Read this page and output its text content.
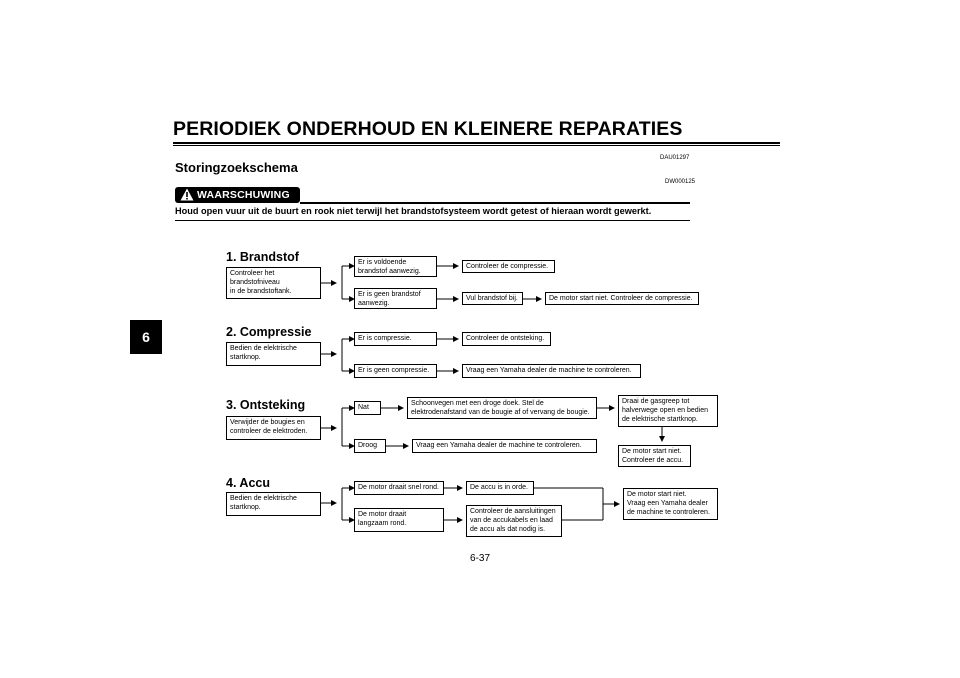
PERIODIEK ONDERHOUD EN KLEINERE REPARATIES
6
DAU01297
Storingzoekschema
DW000125
WAARSCHUWING
Houd open vuur uit de buurt en rook niet terwijl het brandstofsysteem wordt getest of hieraan wordt gewerkt.
1. Brandstof
Controleer het
brandstofniveau
in de brandstoftank.
Er is voldoende
brandstof aanwezig.
Er is geen brandstof
aanwezig.
Controleer de compressie.
Vul brandstof bij.	De motor start niet. Controleer de compressie.
2. Compressie
Bedien de elektrische
startknop.
Er is compressie.
Er is geen compressie.
Controleer de ontsteking.
Vraag een Yamaha dealer de machine te controleren.
3. Ontsteking
Verwijder de bougies en
controleer de elektroden.
Nat
Droog
Schoonvegen met een droge doek. Stel de
elektrodenafstand van de bougie af of vervang de bougie.
Vraag een Yamaha dealer de machine te controleren.
Draai de gasgreep tot
halverwege open en bedien
de elektrische startknop.
De motor start niet.
Controleer de accu.
4. Accu
Bedien de elektrische
startknop.
De motor draait snel rond.
De motor draait
langzaam rond.
De accu is in orde.
Controleer de aansluitingen
van de accukabels en laad
de accu als dat nodig is.
De motor start niet.
Vraag een Yamaha dealer
de machine te controleren.
6-37
